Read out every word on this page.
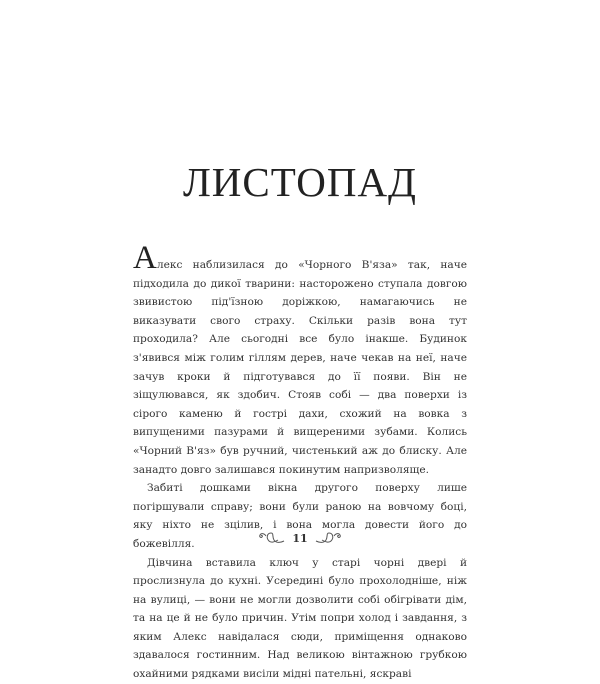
ЛИСТОПАД

Алекс наблизилася до «Чорного В'яза» так, наче підходила до дикої тварини: насторожено ступала довгою звивистою під'їзною доріжкою, намагаючись не виказувати свого страху. Скільки разів вона тут проходила? Але сьогодні все було інакше. Будинок з'явився між голим гіллям дерев, наче чекав на неї, наче зачув кроки й підготувався до її появи. Він не зіщулювався, як здобич. Стояв собі — два поверхи із сірого каменю й гострі дахи, схожий на вовка з випущеними пазурами й вищереними зубами. Колись «Чорний В'яз» був ручний, чистенький аж до блиску. Але занадто довго залишався покинутим напризволяще.

Забиті дошками вікна другого поверху лише погіршували справу; вони були раною на вовчому боці, яку ніхто не зцілив, і вона могла довести його до божевілля.

Дівчина вставила ключ у старі чорні двері й прослизнула до кухні. Усередині було прохолодніше, ніж на вулиці, — вони не могли дозволити собі обігрівати дім, та на це й не було причин. Утім попри холод і завдання, з яким Алекс навідалася сюди, приміщення однаково здавалося гостинним. Над великою вінтажною грубкою охайними рядками висіли мідні пательні, яскраві

11
